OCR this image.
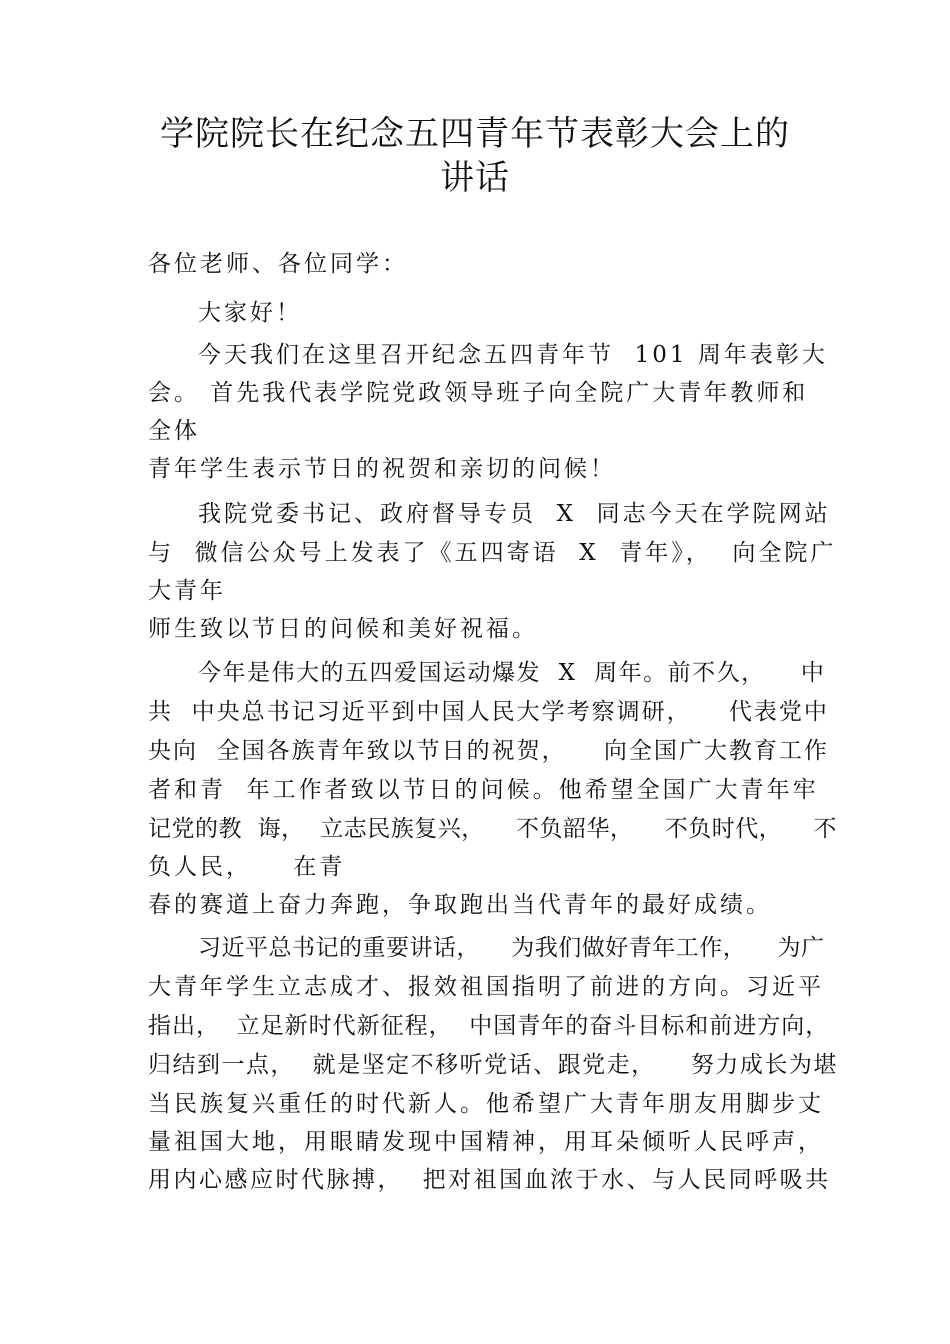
学院院长在纪念五四青年节表彰大会上的
讲话

各位老师、各位同学：

大家好！

今天我们在这里召开纪念五四青年节  101 周年表彰大

会。 首先我代表学院党政领导班子向全院广大青年教师和

全体

青年学生表示节日的祝贺和亲切的问候！

我院党委书记、政府督导专员  X  同志今天在学院网站

与  微信公众号上发表了《五四寄语  X  青年》，  向全院广

大青年

师生致以节日的问候和美好祝福。

今年是伟大的五四爱国运动爆发  X  周年。前不久，    中

共  中央总书记习近平到中国人民大学考察调研，    代表党中

央向  全国各族青年致以节日的祝贺，    向全国广大教育工作

者和青  年工作者致以节日的问候。他希望全国广大青年牢

记党的教  诲，  立志民族复兴，    不负韶华，    不负时代，    不

负人民，    在青

春的赛道上奋力奔跑，争取跑出当代青年的最好成绩。

习近平总书记的重要讲话，    为我们做好青年工作，    为广

大青年学生立志成才、报效祖国指明了前进的方向。习近平

指出，  立足新时代新征程，  中国青年的奋斗目标和前进方向，

归结到一点，  就是坚定不移听党话、跟党走，    努力成长为堪

当民族复兴重任的时代新人。他希望广大青年朋友用脚步丈

量祖国大地，用眼睛发现中国精神，用耳朵倾听人民呼声，

用内心感应时代脉搏，  把对祖国血浓于水、与人民同呼吸共
